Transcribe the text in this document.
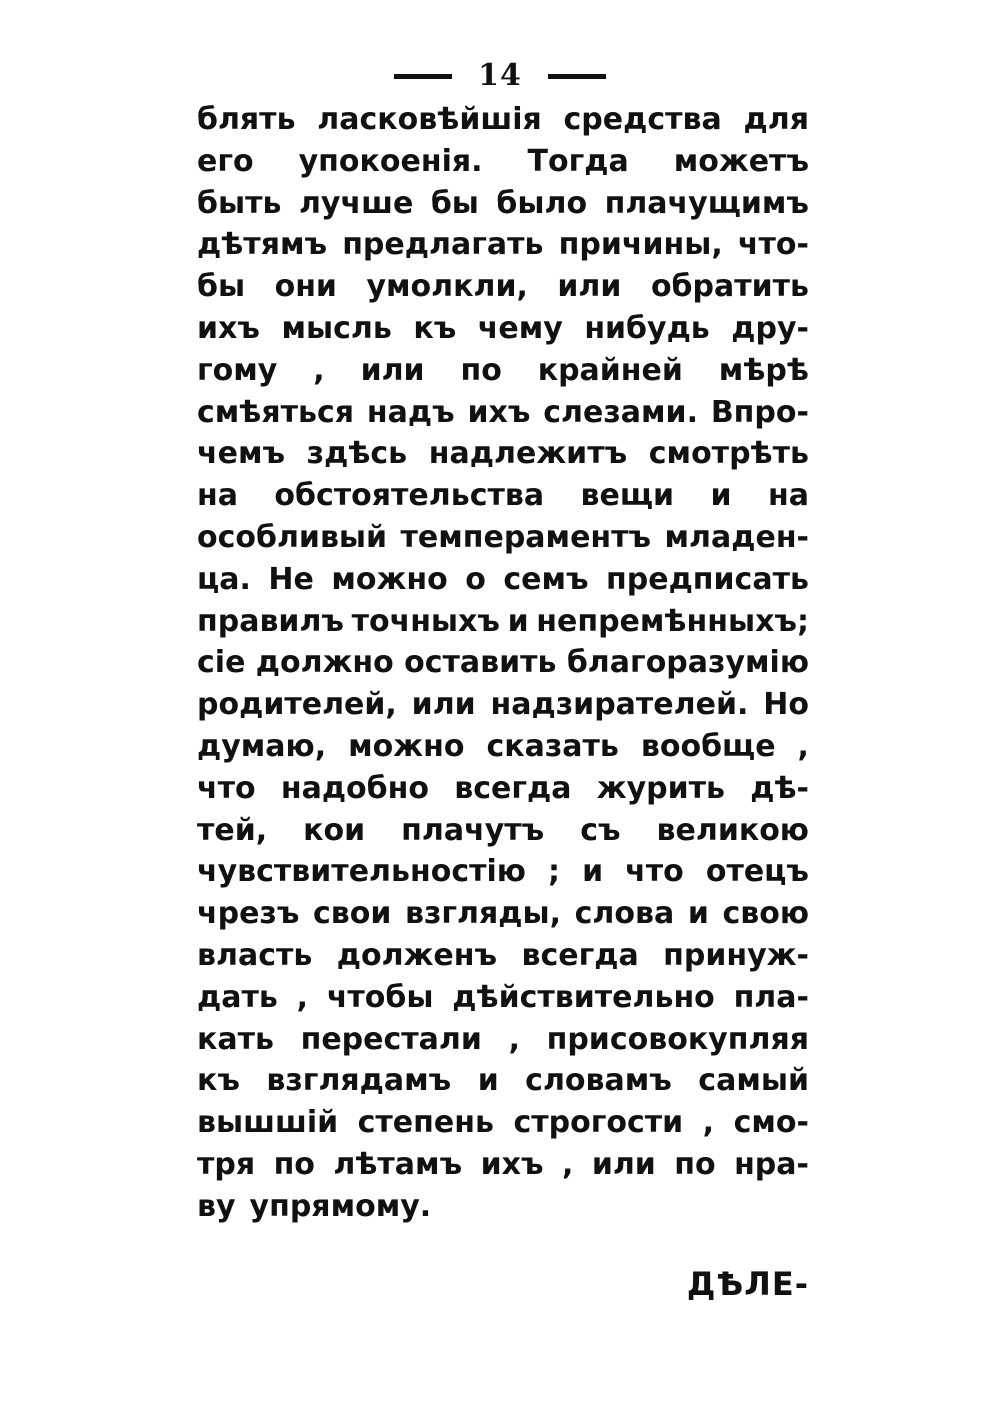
14
блять ласковѣйшія средства для
его упокоенія. Тогда можетъ
быть лучше бы было плачущимъ
дѣтямъ предлагать причины, что-
бы они умолкли, или обратить
ихъ мысль къ чему нибудь дру-
гому , или по крайней мѣрѣ
смѣяться надъ ихъ слезами. Впро-
чемъ здѣсь надлежитъ смотрѣть
на обстоятельства вещи и на
особливый темпераментъ младен-
ца. Не можно о семъ предписать
правилъ точныхъ и непремѣнныхъ;
сіе должно оставить благоразумію
родителей, или надзирателей. Но
думаю, можно сказать вообще ,
что надобно всегда журить дѣ-
тей, кои плачутъ съ великою
чувствительностію ; и что отецъ
чрезъ свои взгляды, слова и свою
власть долженъ всегда принуж-
дать , чтобы дѣйствительно пла-
кать перестали , присовокупляя
къ взглядамъ и словамъ самый
вышшій степень строгости , смо-
тря по лѣтамъ ихъ , или по нра-
ву упрямому.
ДѢЛЕ-
